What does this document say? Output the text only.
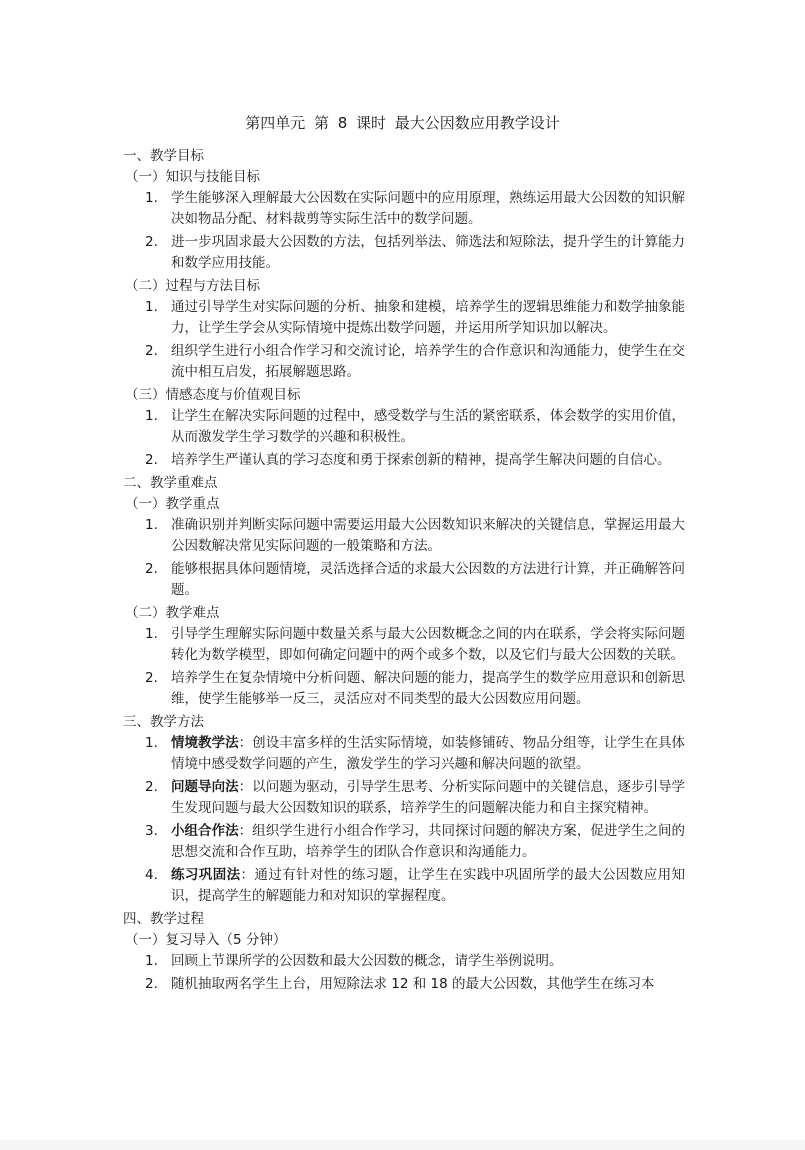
第四单元 第 8 课时 最大公因数应用教学设计
一、教学目标
（一）知识与技能目标
1. 学生能够深入理解最大公因数在实际问题中的应用原理，熟练运用最大公因数的知识解决如物品分配、材料裁剪等实际生活中的数学问题。
2. 进一步巩固求最大公因数的方法，包括列举法、筛选法和短除法，提升学生的计算能力和数学应用技能。
（二）过程与方法目标
1. 通过引导学生对实际问题的分析、抽象和建模，培养学生的逻辑思维能力和数学抽象能力，让学生学会从实际情境中提炼出数学问题，并运用所学知识加以解决。
2. 组织学生进行小组合作学习和交流讨论，培养学生的合作意识和沟通能力，使学生在交流中相互启发，拓展解题思路。
（三）情感态度与价值观目标
1. 让学生在解决实际问题的过程中，感受数学与生活的紧密联系，体会数学的实用价值，从而激发学生学习数学的兴趣和积极性。
2. 培养学生严谨认真的学习态度和勇于探索创新的精神，提高学生解决问题的自信心。
二、教学重难点
（一）教学重点
1. 准确识别并判断实际问题中需要运用最大公因数知识来解决的关键信息，掌握运用最大公因数解决常见实际问题的一般策略和方法。
2. 能够根据具体问题情境，灵活选择合适的求最大公因数的方法进行计算，并正确解答问题。
（二）教学难点
1. 引导学生理解实际问题中数量关系与最大公因数概念之间的内在联系，学会将实际问题转化为数学模型，即如何确定问题中的两个或多个数，以及它们与最大公因数的关联。
2. 培养学生在复杂情境中分析问题、解决问题的能力，提高学生的数学应用意识和创新思维，使学生能够举一反三，灵活应对不同类型的最大公因数应用问题。
三、教学方法
1. 情境教学法：创设丰富多样的生活实际情境，如装修铺砖、物品分组等，让学生在具体情境中感受数学问题的产生，激发学生的学习兴趣和解决问题的欲望。
2. 问题导向法：以问题为驱动，引导学生思考、分析实际问题中的关键信息，逐步引导学生发现问题与最大公因数知识的联系，培养学生的问题解决能力和自主探究精神。
3. 小组合作法：组织学生进行小组合作学习，共同探讨问题的解决方案，促进学生之间的思想交流和合作互助，培养学生的团队合作意识和沟通能力。
4. 练习巩固法：通过有针对性的练习题，让学生在实践中巩固所学的最大公因数应用知识，提高学生的解题能力和对知识的掌握程度。
四、教学过程
（一）复习导入（5 分钟）
1. 回顾上节课所学的公因数和最大公因数的概念，请学生举例说明。
2. 随机抽取两名学生上台，用短除法求 12 和 18 的最大公因数，其他学生在练习本
